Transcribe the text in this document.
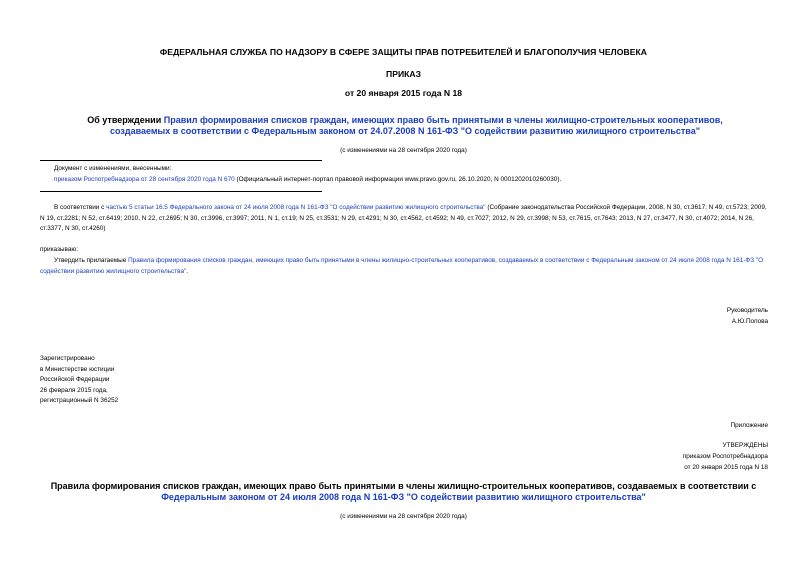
ФЕДЕРАЛЬНАЯ СЛУЖБА ПО НАДЗОРУ В СФЕРЕ ЗАЩИТЫ ПРАВ ПОТРЕБИТЕЛЕЙ И БЛАГОПОЛУЧИЯ ЧЕЛОВЕКА
ПРИКАЗ
от 20 января 2015 года N 18
Об утверждении Правил формирования списков граждан, имеющих право быть принятыми в члены жилищно-строительных кооперативов, создаваемых в соответствии с Федеральным законом от 24.07.2008 N 161-ФЗ "О содействии развитию жилищного строительства"
(с изменениями на 28 сентября 2020 года)
Документ с изменениями, внесенными:
приказом Роспотребнадзора от 28 сентября 2020 года N 670 (Официальный интернет-портал правовой информации www.pravo.gov.ru, 26.10.2020, N 0001202010260030).
В соответствии с частью 5 статьи 16.5 Федерального закона от 24 июля 2008 года N 161-ФЗ "О содействии развитию жилищного строительства" (Собрание законодательства Российской Федерации, 2008, N 30, ст.3617; N 49, ст.5723; 2009, N 19, ст.2281; N 52, ст.6419; 2010, N 22, ст.2695; N 30, ст.3996, ст.3997; 2011, N 1, ст.19; N 25, ст.3531; N 29, ст.4291; N 30, ст.4562, ст.4592; N 49, ст.7027; 2012, N 29, ст.3998; N 53, ст.7615, ст.7643; 2013, N 27, ст.3477, N 30, ст.4072; 2014, N 26, ст.3377, N 30, ст.4260)
приказываю:
Утвердить прилагаемые Правила формирования списков граждан, имеющих право быть принятыми в члены жилищно-строительных кооперативов, создаваемых в соответствии с Федеральным законом от 24 июля 2008 года N 161-ФЗ "О содействии развитию жилищного строительства".
Руководитель
А.Ю.Попова
Зарегистрировано
в Министерстве юстиции
Российской Федерации
26 февраля 2015 года,
регистрационный N 36252
Приложение
УТВЕРЖДЕНЫ
приказом Роспотребнадзора
от 20 января 2015 года N 18
Правила формирования списков граждан, имеющих право быть принятыми в члены жилищно-строительных кооперативов, создаваемых в соответствии с Федеральным законом от 24 июля 2008 года N 161-ФЗ "О содействии развитию жилищного строительства"
(с изменениями на 28 сентября 2020 года)
